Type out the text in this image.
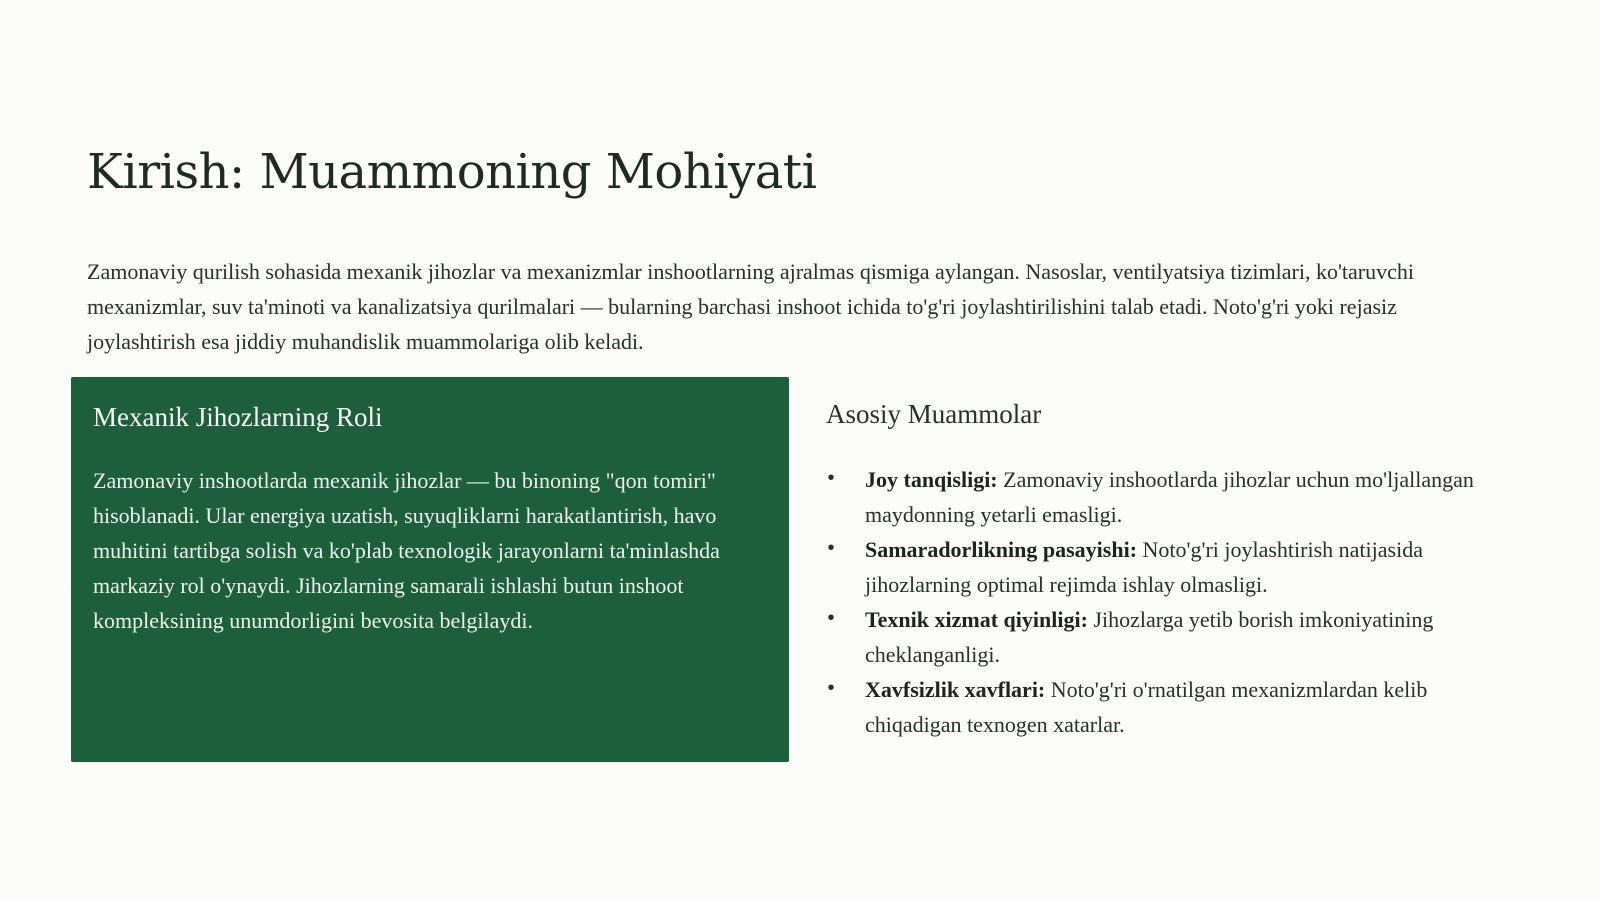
Kirish: Muammoning Mohiyati

Zamonaviy qurilish sohasida mexanik jihozlar va mexanizmlar inshootlarning ajralmas qismiga aylangan. Nasoslar, ventilyatsiya tizimlari, ko'taruvchi mexanizmlar, suv ta'minoti va kanalizatsiya qurilmalari — bularning barchasi inshoot ichida to'g'ri joylashtirilishini talab etadi. Noto'g'ri yoki rejasiz joylashtirish esa jiddiy muhandislik muammolariga olib keladi.

Mexanik Jihozlarning Roli

Zamonaviy inshootlarda mexanik jihozlar — bu binoning "qon tomiri" hisoblanadi. Ular energiya uzatish, suyuqliklarni harakatlantirish, havo muhitini tartibga solish va ko'plab texnologik jarayonlarni ta'minlashda markaziy rol o'ynaydi. Jihozlarning samarali ishlashi butun inshoot kompleksining unumdorligini bevosita belgilaydi.

Asosiy Muammolar
• Joy tanqisligi: Zamonaviy inshootlarda jihozlar uchun mo'ljallangan maydonning yetarli emasligi.
• Samaradorlikning pasayishi: Noto'g'ri joylashtirish natijasida jihozlarning optimal rejimda ishlay olmasligi.
• Texnik xizmat qiyinligi: Jihozlarga yetib borish imkoniyatining cheklanganligi.
• Xavfsizlik xavflari: Noto'g'ri o'rnatilgan mexanizmlardan kelib chiqadigan texnogen xatarlar.
